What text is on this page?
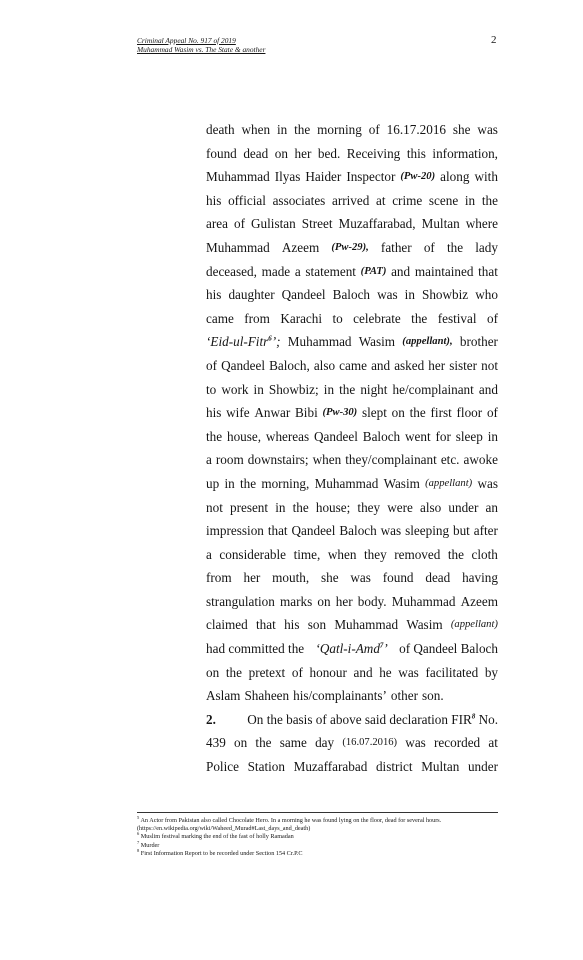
Criminal Appeal No. 917 of 2019
Muhammad Wasim vs. The State & another
2
death when in the morning of 16.17.2016 she was
found dead on her bed. Receiving this information,
Muhammad Ilyas Haider Inspector (Pw-20) along with
his official associates arrived at crime scene in the
area of Gulistan Street Muzaffarabad, Multan where
Muhammad Azeem (Pw-29), father of the lady
deceased, made a statement (PAT) and maintained that
his daughter Qandeel Baloch was in Showbiz who
came from Karachi to celebrate the festival of
‘Eid-ul-Fitr$^6$’; Muhammad Wasim (appellant), brother
of Qandeel Baloch, also came and asked her sister not
to work in Showbiz; in the night he/complainant and
his wife Anwar Bibi (Pw-30) slept on the first floor of
the house, whereas Qandeel Baloch went for sleep in
a room downstairs; when they/complainant etc. awoke
up in the morning, Muhammad Wasim (appellant) was
not present in the house; they were also under an
impression that Qandeel Baloch was sleeping but after
a considerable time, when they removed the cloth
from her mouth, she was found dead having
strangulation marks on her body. Muhammad Azeem
claimed that his son Muhammad Wasim (appellant)
had committed the ‘Qatl-i-Amd$^7$’ of Qandeel Baloch
on the pretext of honour and he was facilitated by
Aslam Shaheen his/complainants’ other son.
2. On the basis of above said declaration FIR$^8$ No.
439 on the same day (16.07.2016) was recorded at
Police Station Muzaffarabad district Multan under
$^5$ An Actor from Pakistan also called Chocolate Hero. In a morning he was found lying on the floor, dead for several hours. (https://en.wikipedia.org/wiki/Waheed_Murad#Last_days_and_death)
$^6$ Muslim festival marking the end of the fast of holly Ramadan
$^7$ Murder
$^8$ First Information Report to be recorded under Section 154 Cr.P.C
